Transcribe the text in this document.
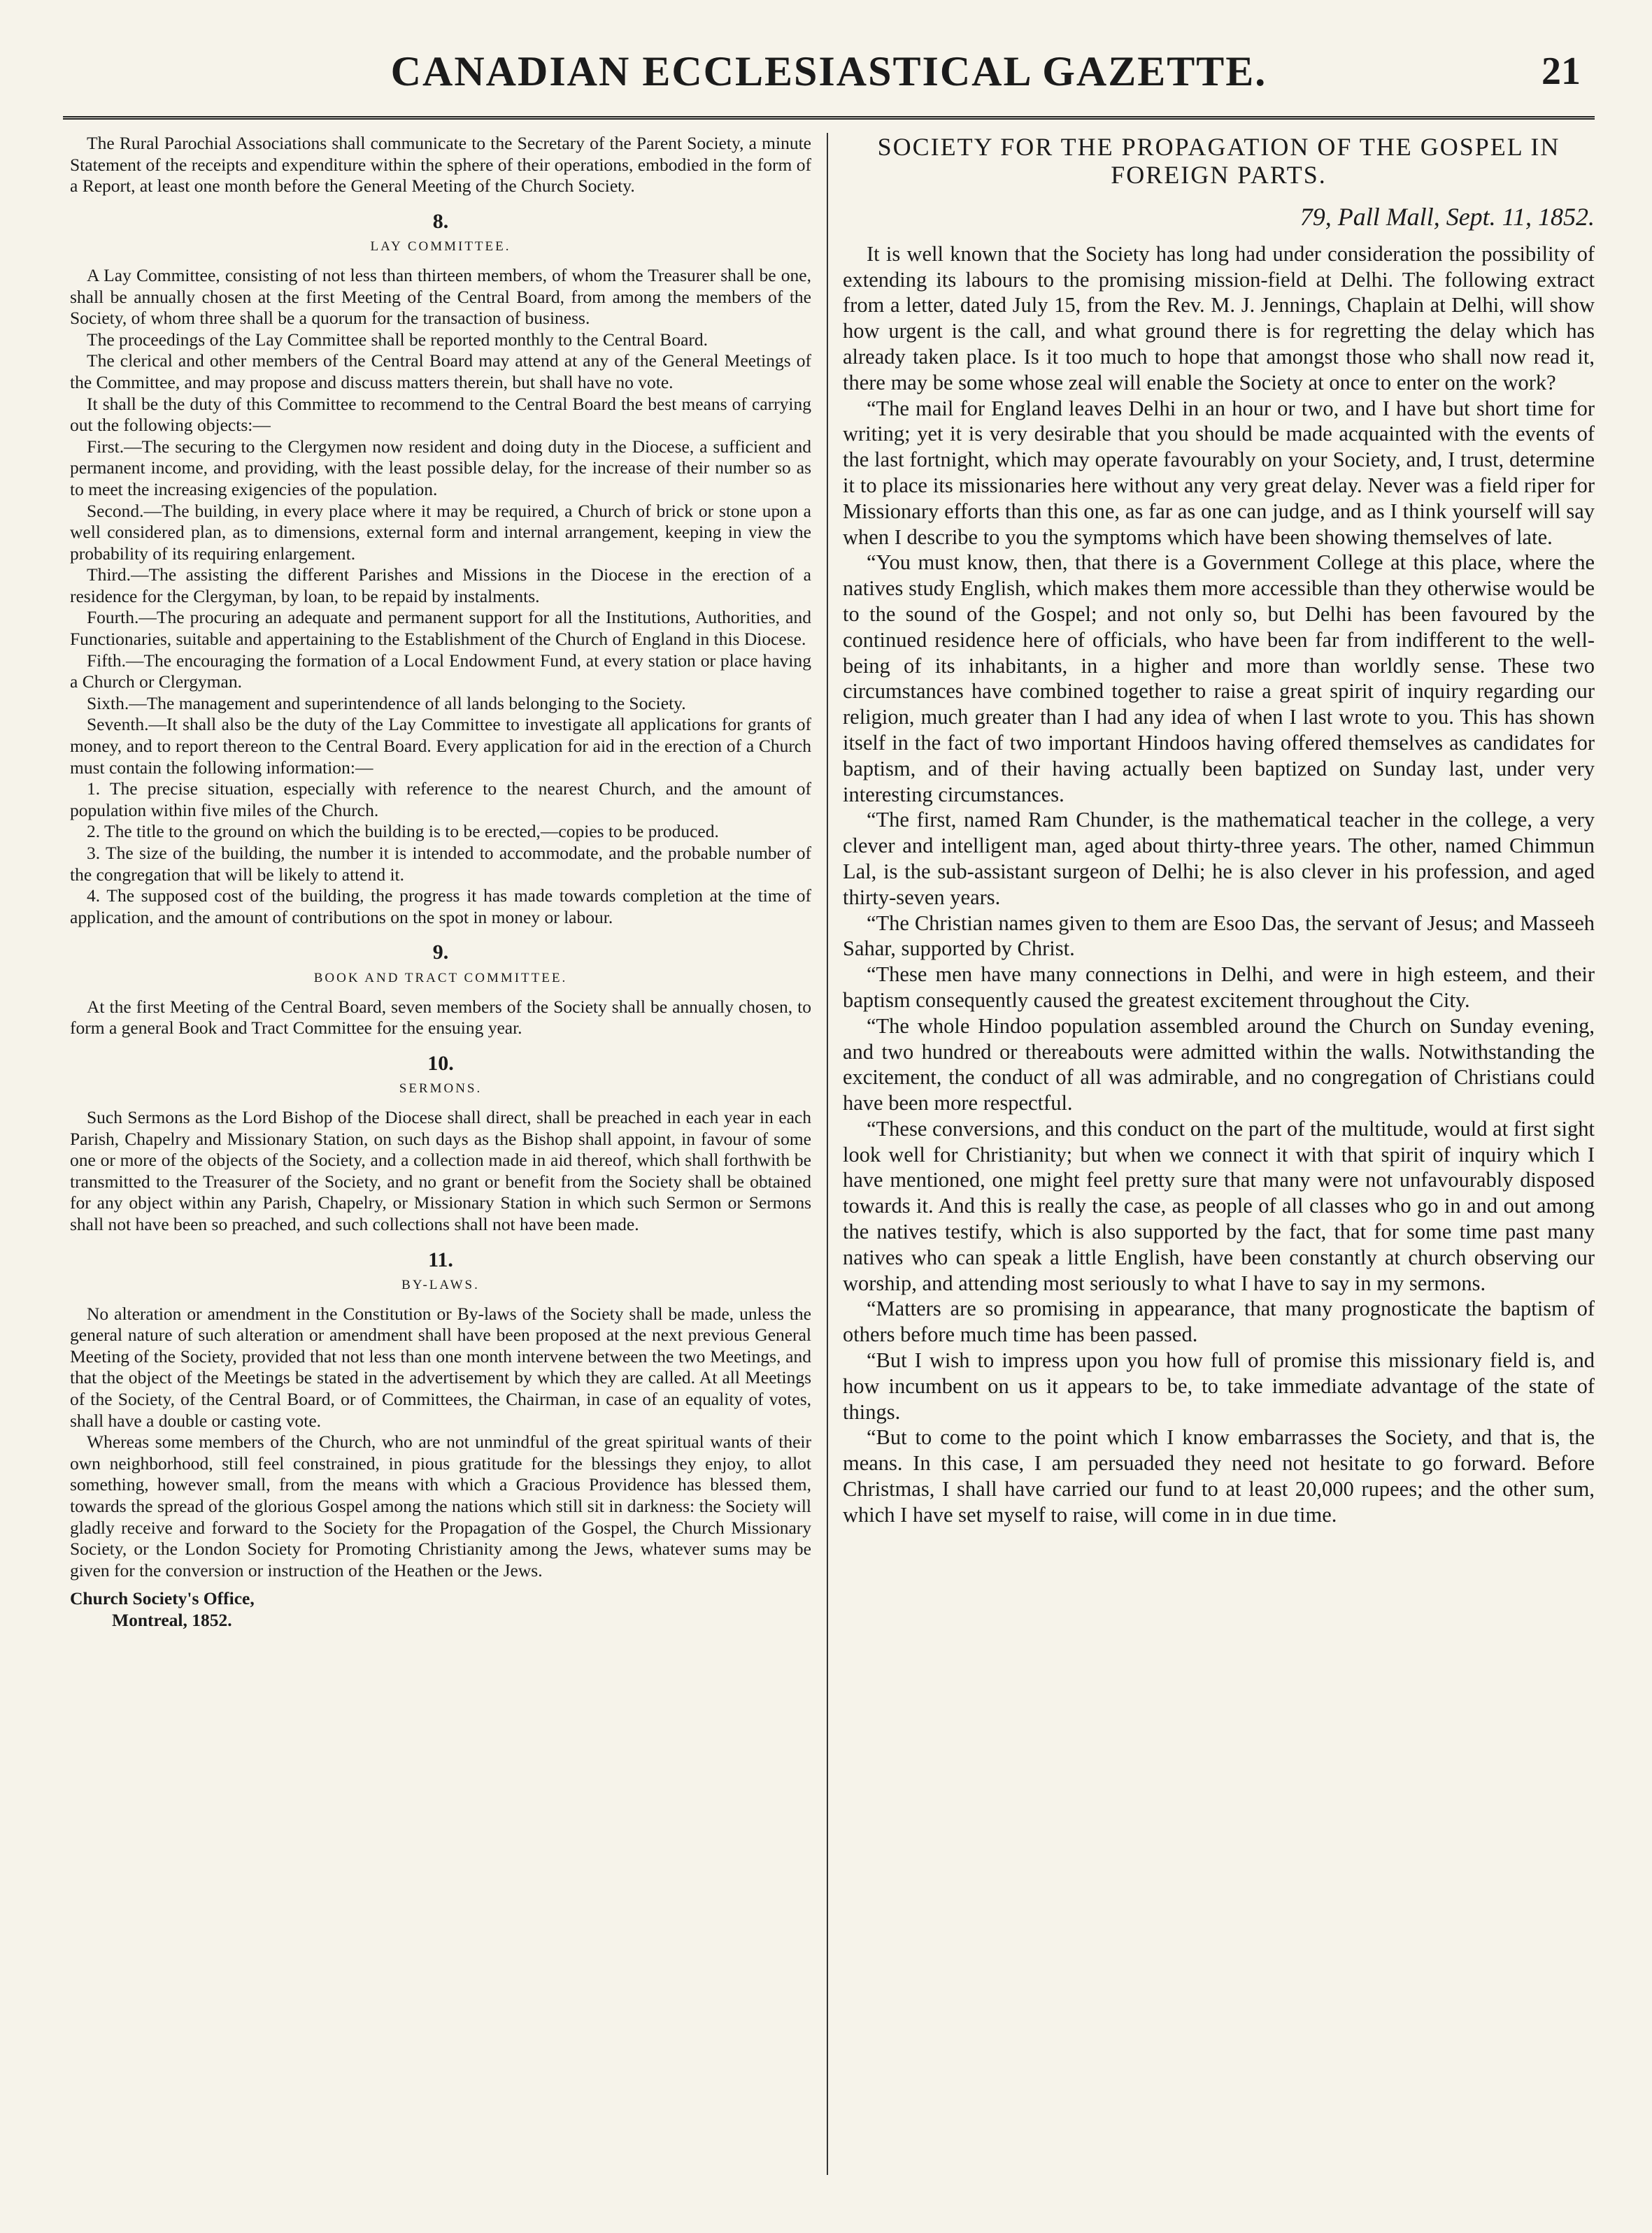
CANADIAN ECCLESIASTICAL GAZETTE.	21

The Rural Parochial Associations shall communicate to the Secretary of the Parent Society, a minute Statement of the receipts and expenditure within the sphere of their operations, embodied in the form of a Report, at least one month before the General Meeting of the Church Society.

8.
LAY COMMITTEE.

A Lay Committee, consisting of not less than thirteen members, of whom the Treasurer shall be one, shall be annually chosen at the first Meeting of the Central Board, from among the members of the Society, of whom three shall be a quorum for the transaction of business.

The proceedings of the Lay Committee shall be reported monthly to the Central Board.

The clerical and other members of the Central Board may attend at any of the General Meetings of the Committee, and may propose and discuss matters therein, but shall have no vote.

It shall be the duty of this Committee to recommend to the Central Board the best means of carrying out the following objects:—

First.—The securing to the Clergymen now resident and doing duty in the Diocese, a sufficient and permanent income, and providing, with the least possible delay, for the increase of their number so as to meet the increasing exigencies of the population.

Second.—The building, in every place where it may be required, a Church of brick or stone upon a well considered plan, as to dimensions, external form and internal arrangement, keeping in view the probability of its requiring enlargement.

Third.—The assisting the different Parishes and Missions in the Diocese in the erection of a residence for the Clergyman, by loan, to be repaid by instalments.

Fourth.—The procuring an adequate and permanent support for all the Institutions, Authorities, and Functionaries, suitable and appertaining to the Establishment of the Church of England in this Diocese.

Fifth.—The encouraging the formation of a Local Endowment Fund, at every station or place having a Church or Clergyman.

Sixth.—The management and superintendence of all lands belonging to the Society.

Seventh.—It shall also be the duty of the Lay Committee to investigate all applications for grants of money, and to report thereon to the Central Board. Every application for aid in the erection of a Church must contain the following information:—

1. The precise situation, especially with reference to the nearest Church, and the amount of population within five miles of the Church.

2. The title to the ground on which the building is to be erected,—copies to be produced.

3. The size of the building, the number it is intended to accommodate, and the probable number of the congregation that will be likely to attend it.

4. The supposed cost of the building, the progress it has made towards completion at the time of application, and the amount of contributions on the spot in money or labour.

9.
BOOK AND TRACT COMMITTEE.

At the first Meeting of the Central Board, seven members of the Society shall be annually chosen, to form a general Book and Tract Committee for the ensuing year.

10.
SERMONS.

Such Sermons as the Lord Bishop of the Diocese shall direct, shall be preached in each year in each Parish, Chapelry and Missionary Station, on such days as the Bishop shall appoint, in favour of some one or more of the objects of the Society, and a collection made in aid thereof, which shall forthwith be transmitted to the Treasurer of the Society, and no grant or benefit from the Society shall be obtained for any object within any Parish, Chapelry, or Missionary Station in which such Sermon or Sermons shall not have been so preached, and such collections shall not have been made.

11.
BY-LAWS.

No alteration or amendment in the Constitution or By-laws of the Society shall be made, unless the general nature of such alteration or amendment shall have been proposed at the next previous General Meeting of the Society, provided that not less than one month intervene between the two Meetings, and that the object of the Meetings be stated in the advertisement by which they are called. At all Meetings of the Society, of the Central Board, or of Committees, the Chairman, in case of an equality of votes, shall have a double or casting vote.

Whereas some members of the Church, who are not unmindful of the great spiritual wants of their own neighborhood, still feel constrained, in pious gratitude for the blessings they enjoy, to allot something, however small, from the means with which a Gracious Providence has blessed them, towards the spread of the glorious Gospel among the nations which still sit in darkness: the Society will gladly receive and forward to the Society for the Propagation of the Gospel, the Church Missionary Society, or the London Society for Promoting Christianity among the Jews, whatever sums may be given for the conversion or instruction of the Heathen or the Jews.

Church Society's Office,

Montreal, 1852.

SOCIETY FOR THE PROPAGATION OF THE GOSPEL IN FOREIGN PARTS.
79, Pall Mall, Sept. 11, 1852.

It is well known that the Society has long had under consideration the possibility of extending its labours to the promising mission-field at Delhi. The following extract from a letter, dated July 15, from the Rev. M. J. Jennings, Chaplain at Delhi, will show how urgent is the call, and what ground there is for regretting the delay which has already taken place. Is it too much to hope that amongst those who shall now read it, there may be some whose zeal will enable the Society at once to enter on the work?

“The mail for England leaves Delhi in an hour or two, and I have but short time for writing; yet it is very desirable that you should be made acquainted with the events of the last fortnight, which may operate favourably on your Society, and, I trust, determine it to place its missionaries here without any very great delay. Never was a field riper for Missionary efforts than this one, as far as one can judge, and as I think yourself will say when I describe to you the symptoms which have been showing themselves of late.

“You must know, then, that there is a Government College at this place, where the natives study English, which makes them more accessible than they otherwise would be to the sound of the Gospel; and not only so, but Delhi has been favoured by the continued residence here of officials, who have been far from indifferent to the well-being of its inhabitants, in a higher and more than worldly sense. These two circumstances have combined together to raise a great spirit of inquiry regarding our religion, much greater than I had any idea of when I last wrote to you. This has shown itself in the fact of two important Hindoos having offered themselves as candidates for baptism, and of their having actually been baptized on Sunday last, under very interesting circumstances.

“The first, named Ram Chunder, is the mathematical teacher in the college, a very clever and intelligent man, aged about thirty-three years. The other, named Chimmun Lal, is the sub-assistant surgeon of Delhi; he is also clever in his profession, and aged thirty-seven years.

“The Christian names given to them are Esoo Das, the servant of Jesus; and Masseeh Sahar, supported by Christ.

“These men have many connections in Delhi, and were in high esteem, and their baptism consequently caused the greatest excitement throughout the City.

“The whole Hindoo population assembled around the Church on Sunday evening, and two hundred or thereabouts were admitted within the walls. Notwithstanding the excitement, the conduct of all was admirable, and no congregation of Christians could have been more respectful.

“These conversions, and this conduct on the part of the multitude, would at first sight look well for Christianity; but when we connect it with that spirit of inquiry which I have mentioned, one might feel pretty sure that many were not unfavourably disposed towards it. And this is really the case, as people of all classes who go in and out among the natives testify, which is also supported by the fact, that for some time past many natives who can speak a little English, have been constantly at church observing our worship, and attending most seriously to what I have to say in my sermons.

“Matters are so promising in appearance, that many prognosticate the baptism of others before much time has been passed.

“But I wish to impress upon you how full of promise this missionary field is, and how incumbent on us it appears to be, to take immediate advantage of the state of things.

“But to come to the point which I know embarrasses the Society, and that is, the means. In this case, I am persuaded they need not hesitate to go forward. Before Christmas, I shall have carried our fund to at least 20,000 rupees; and the other sum, which I have set myself to raise, will come in in due time.
